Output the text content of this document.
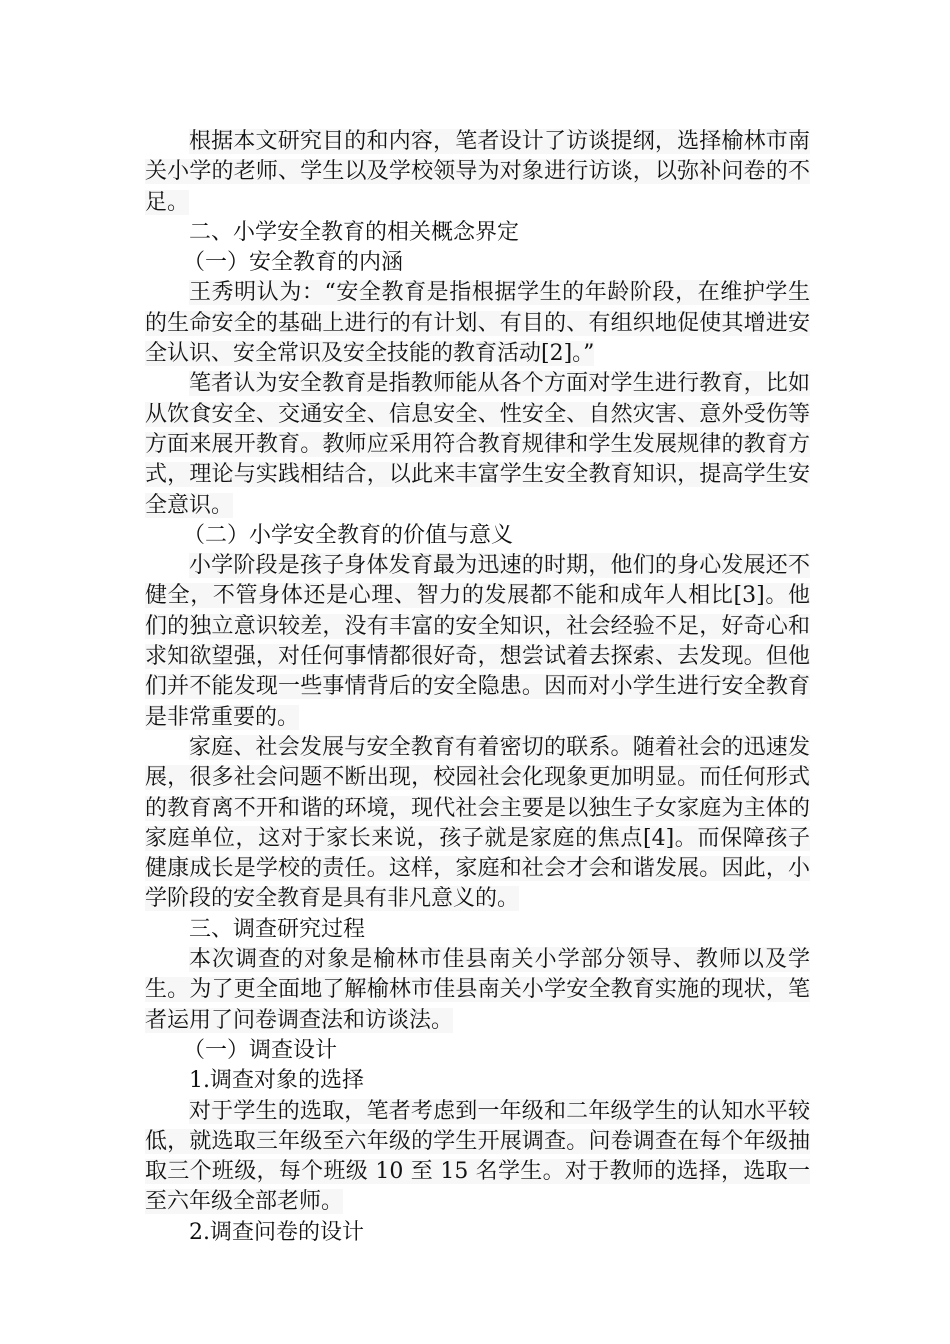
根据本文研究目的和内容，笔者设计了访谈提纲，选择榆林市南关小学的老师、学生以及学校领导为对象进行访谈，以弥补问卷的不足。

二、小学安全教育的相关概念界定

（一）安全教育的内涵

王秀明认为：“安全教育是指根据学生的年龄阶段，在维护学生的生命安全的基础上进行的有计划、有目的、有组织地促使其增进安全认识、安全常识及安全技能的教育活动[2]。”

笔者认为安全教育是指教师能从各个方面对学生进行教育，比如从饮食安全、交通安全、信息安全、性安全、自然灾害、意外受伤等方面来展开教育。教师应采用符合教育规律和学生发展规律的教育方式，理论与实践相结合，以此来丰富学生安全教育知识，提高学生安全意识。

（二）小学安全教育的价值与意义

小学阶段是孩子身体发育最为迅速的时期，他们的身心发展还不健全，不管身体还是心理、智力的发展都不能和成年人相比[3]。他们的独立意识较差，没有丰富的安全知识，社会经验不足，好奇心和求知欲望强，对任何事情都很好奇，想尝试着去探索、去发现。但他们并不能发现一些事情背后的安全隐患。因而对小学生进行安全教育是非常重要的。

家庭、社会发展与安全教育有着密切的联系。随着社会的迅速发展，很多社会问题不断出现，校园社会化现象更加明显。而任何形式的教育离不开和谐的环境，现代社会主要是以独生子女家庭为主体的家庭单位，这对于家长来说，孩子就是家庭的焦点[4]。而保障孩子健康成长是学校的责任。这样，家庭和社会才会和谐发展。因此，小学阶段的安全教育是具有非凡意义的。

三、调查研究过程

本次调查的对象是榆林市佳县南关小学部分领导、教师以及学生。为了更全面地了解榆林市佳县南关小学安全教育实施的现状，笔者运用了问卷调查法和访谈法。

（一）调查设计

1.调查对象的选择

对于学生的选取，笔者考虑到一年级和二年级学生的认知水平较低，就选取三年级至六年级的学生开展调查。问卷调查在每个年级抽取三个班级，每个班级 10 至 15 名学生。对于教师的选择，选取一至六年级全部老师。

2.调查问卷的设计
